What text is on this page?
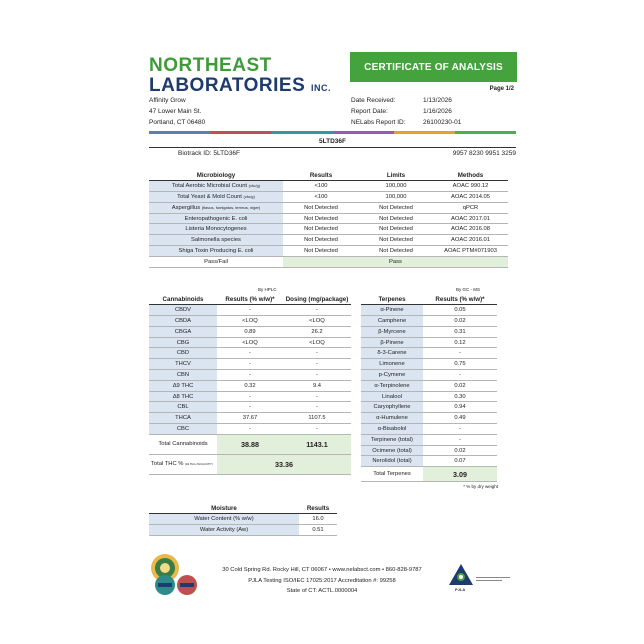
NORTHEAST
LABORATORIES INC.
CERTIFICATE OF ANALYSIS
Page 1/2
Affinity Grow
47 Lower Main St.
Portland, CT 06480
Date Received:	1/13/2026
Report Date:	1/16/2026
NELabs Report ID:	26100230-01
5LTD36F
Biotrack ID: 5LTD36F	9957 8230 9951 3259
Microbiology	Results	Limits	Methods
Total Aerobic Microbial Count (cfu/g)	<100	100,000	AOAC 990.12
Total Yeast & Mold Count (cfu/g)	<100	100,000	AOAC 2014.05
Aspergillus (flavus, fumigatus, terreus, niger)	Not Detected	Not Detected	qPCR
Enteropathogenic E. coli	Not Detected	Not Detected	AOAC 2017.01
Listeria Monocytogenes	Not Detected	Not Detected	AOAC 2016.08
Salmonella species	Not Detected	Not Detected	AOAC 2016.01
Shiga Toxin Producing E. coli	Not Detected	Not Detected	AOAC PTM#071903
Pass/Fail	Pass		
By HPLC	By GC - MS
Cannabinoids	Results (% w/w)*	Dosing (mg/package)
CBDV	-	-
CBDA	<LOQ	<LOQ
CBGA	0.89	26.2
CBG	<LOQ	<LOQ
CBD	-	-
THCV	-	-
CBN	-	-
Δ9 THC	0.32	9.4
Δ8 THC	-	-
CBL	-	-
THCA	37.67	1107.5
CBC	-	-
Total Cannabinoids	38.88	1143.1
Total THC % (Δ9 THC+THCA×0.877)	33.36	
Terpenes	Results (% w/w)*
α-Pinene	0.05
Camphene	0.02
β-Myrcene	0.31
β-Pinene	0.12
δ-3-Carene	-
Limonene	0.75
p-Cymene	-
α-Terpinolene	0.02
Linalool	0.30
Caryophyllene	0.94
α-Humulene	0.49
α-Bisabolol	-
Terpinene (total)	-
Ocimene (total)	0.02
Nerolidol (total)	0.07
Total Terpenes	3.09
* % by dry weight
Moisture	Results
Water Content (% w/w)	16.0
Water Activity (Aw)	0.51
30 Cold Spring Rd. Rocky Hill, CT 06067 • www.nelabsct.com • 860-828-9787
PJLA Testing ISO/IEC 17025:2017 Accreditation #: 99258
State of CT: ACTL.0000004	PJLA
